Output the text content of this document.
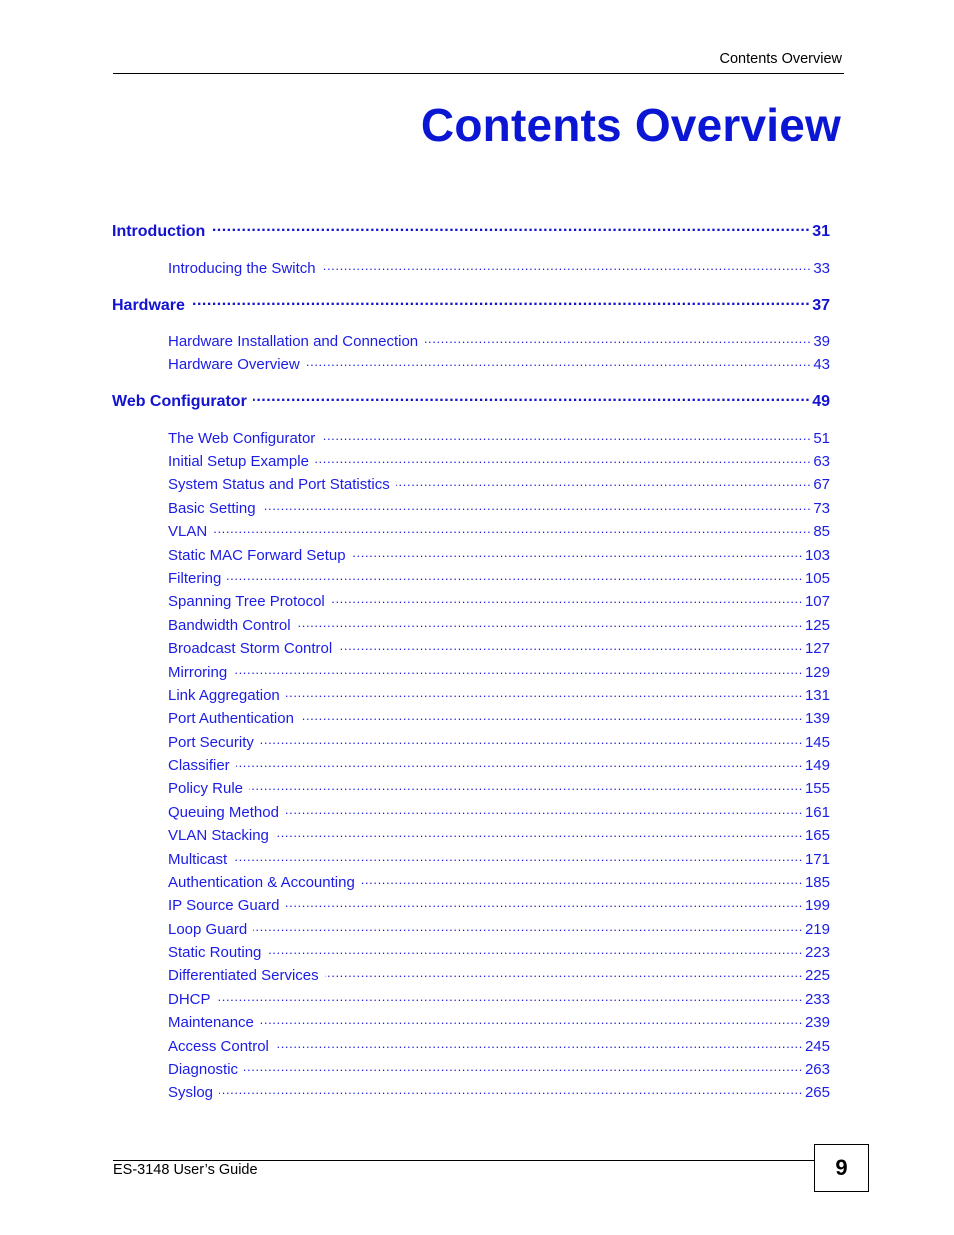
Contents Overview
Contents Overview
Introduction .....	31
Introducing the Switch .....	33
Hardware .....	37
Hardware Installation and Connection .....	39
Hardware Overview .....	43
Web Configurator .....	49
The Web Configurator .....	51
Initial Setup Example .....	63
System Status and Port Statistics .....	67
Basic Setting .....	73
VLAN .....	85
Static MAC Forward Setup .....	103
Filtering .....	105
Spanning Tree Protocol .....	107
Bandwidth Control .....	125
Broadcast Storm Control .....	127
Mirroring .....	129
Link Aggregation .....	131
Port Authentication .....	139
Port Security .....	145
Classifier .....	149
Policy Rule .....	155
Queuing Method .....	161
VLAN Stacking .....	165
Multicast .....	171
Authentication & Accounting .....	185
IP Source Guard .....	199
Loop Guard .....	219
Static Routing .....	223
Differentiated Services .....	225
DHCP .....	233
Maintenance .....	239
Access Control .....	245
Diagnostic .....	263
Syslog .....	265
ES-3148 User’s Guide	9
